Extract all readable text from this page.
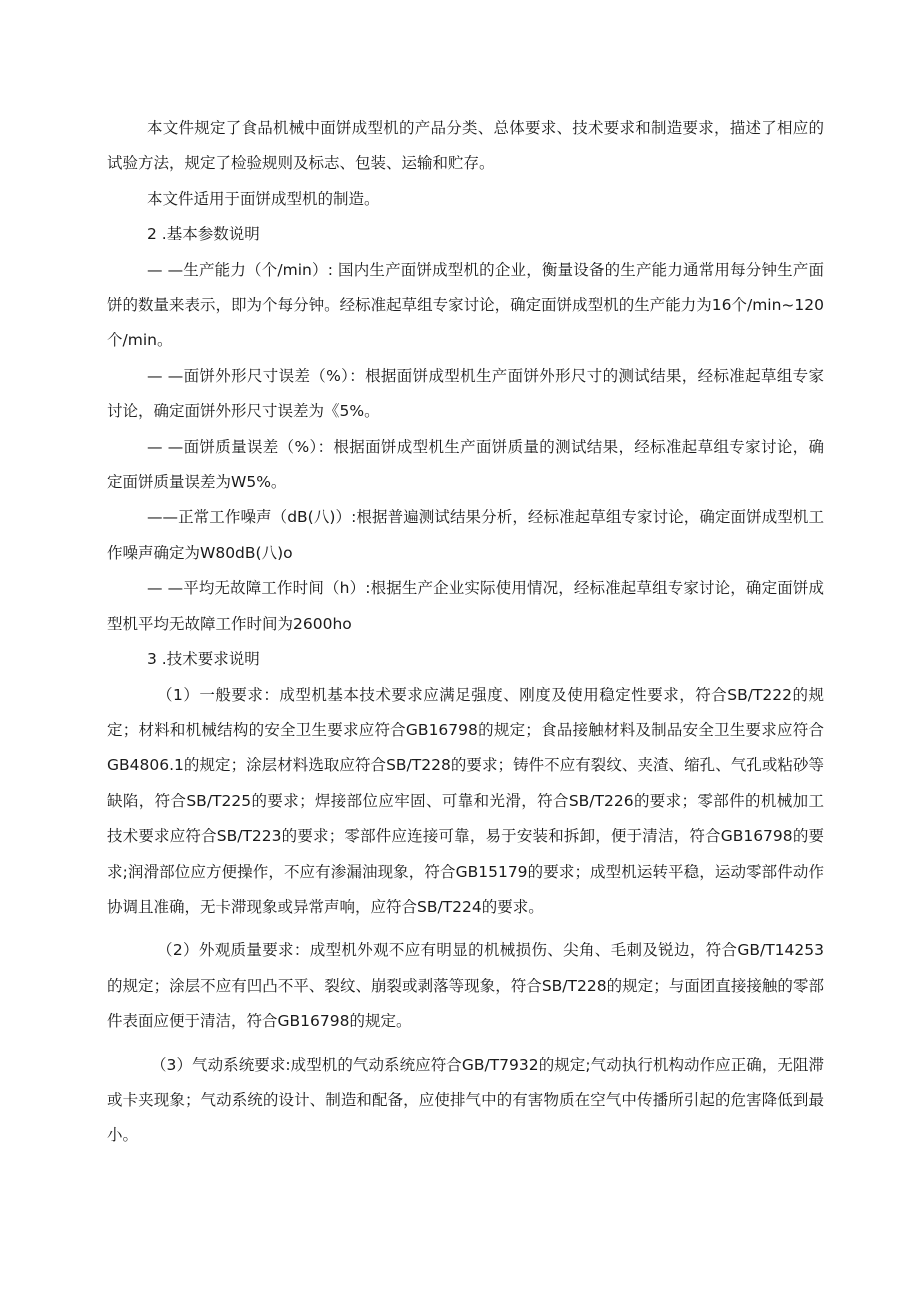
本文件规定了食品机械中面饼成型机的产品分类、总体要求、技术要求和制造要求，描述了相应的试验方法，规定了检验规则及标志、包装、运输和贮存。

本文件适用于面饼成型机的制造。

2 .基本参数说明

— —生产能力（个/min）: 国内生产面饼成型机的企业，衡量设备的生产能力通常用每分钟生产面饼的数量来表示，即为个每分钟。经标准起草组专家讨论，确定面饼成型机的生产能力为16个/min~120个/min。

— —面饼外形尺寸误差（%）：根据面饼成型机生产面饼外形尺寸的测试结果，经标准起草组专家讨论，确定面饼外形尺寸误差为《5%。

— —面饼质量误差（%）：根据面饼成型机生产面饼质量的测试结果，经标准起草组专家讨论，确定面饼质量误差为W5%。

——正常工作噪声（dB(八)）:根据普遍测试结果分析，经标准起草组专家讨论，确定面饼成型机工作噪声确定为W80dB(八)o

— —平均无故障工作时间（h）:根据生产企业实际使用情况，经标准起草组专家讨论，确定面饼成型机平均无故障工作时间为2600ho

3 .技术要求说明

（1）一般要求：成型机基本技术要求应满足强度、刚度及使用稳定性要求，符合SB/T222的规定；材料和机械结构的安全卫生要求应符合GB16798的规定；食品接触材料及制品安全卫生要求应符合GB4806.1的规定；涂层材料选取应符合SB/T228的要求；铸件不应有裂纹、夹渣、缩孔、气孔或粘砂等缺陷，符合SB/T225的要求；焊接部位应牢固、可靠和光滑，符合SB/T226的要求；零部件的机械加工技术要求应符合SB/T223的要求；零部件应连接可靠，易于安装和拆卸，便于清洁，符合GB16798的要求;润滑部位应方便操作，不应有渗漏油现象，符合GB15179的要求；成型机运转平稳，运动零部件动作协调且准确，无卡滞现象或异常声响，应符合SB/T224的要求。

（2）外观质量要求：成型机外观不应有明显的机械损伤、尖角、毛刺及锐边，符合GB/T14253的规定；涂层不应有凹凸不平、裂纹、崩裂或剥落等现象，符合SB/T228的规定；与面团直接接触的零部件表面应便于清洁，符合GB16798的规定。

（3）气动系统要求:成型机的气动系统应符合GB/T7932的规定;气动执行机构动作应正确，无阻滞或卡夹现象；气动系统的设计、制造和配备，应使排气中的有害物质在空气中传播所引起的危害降低到最小。
